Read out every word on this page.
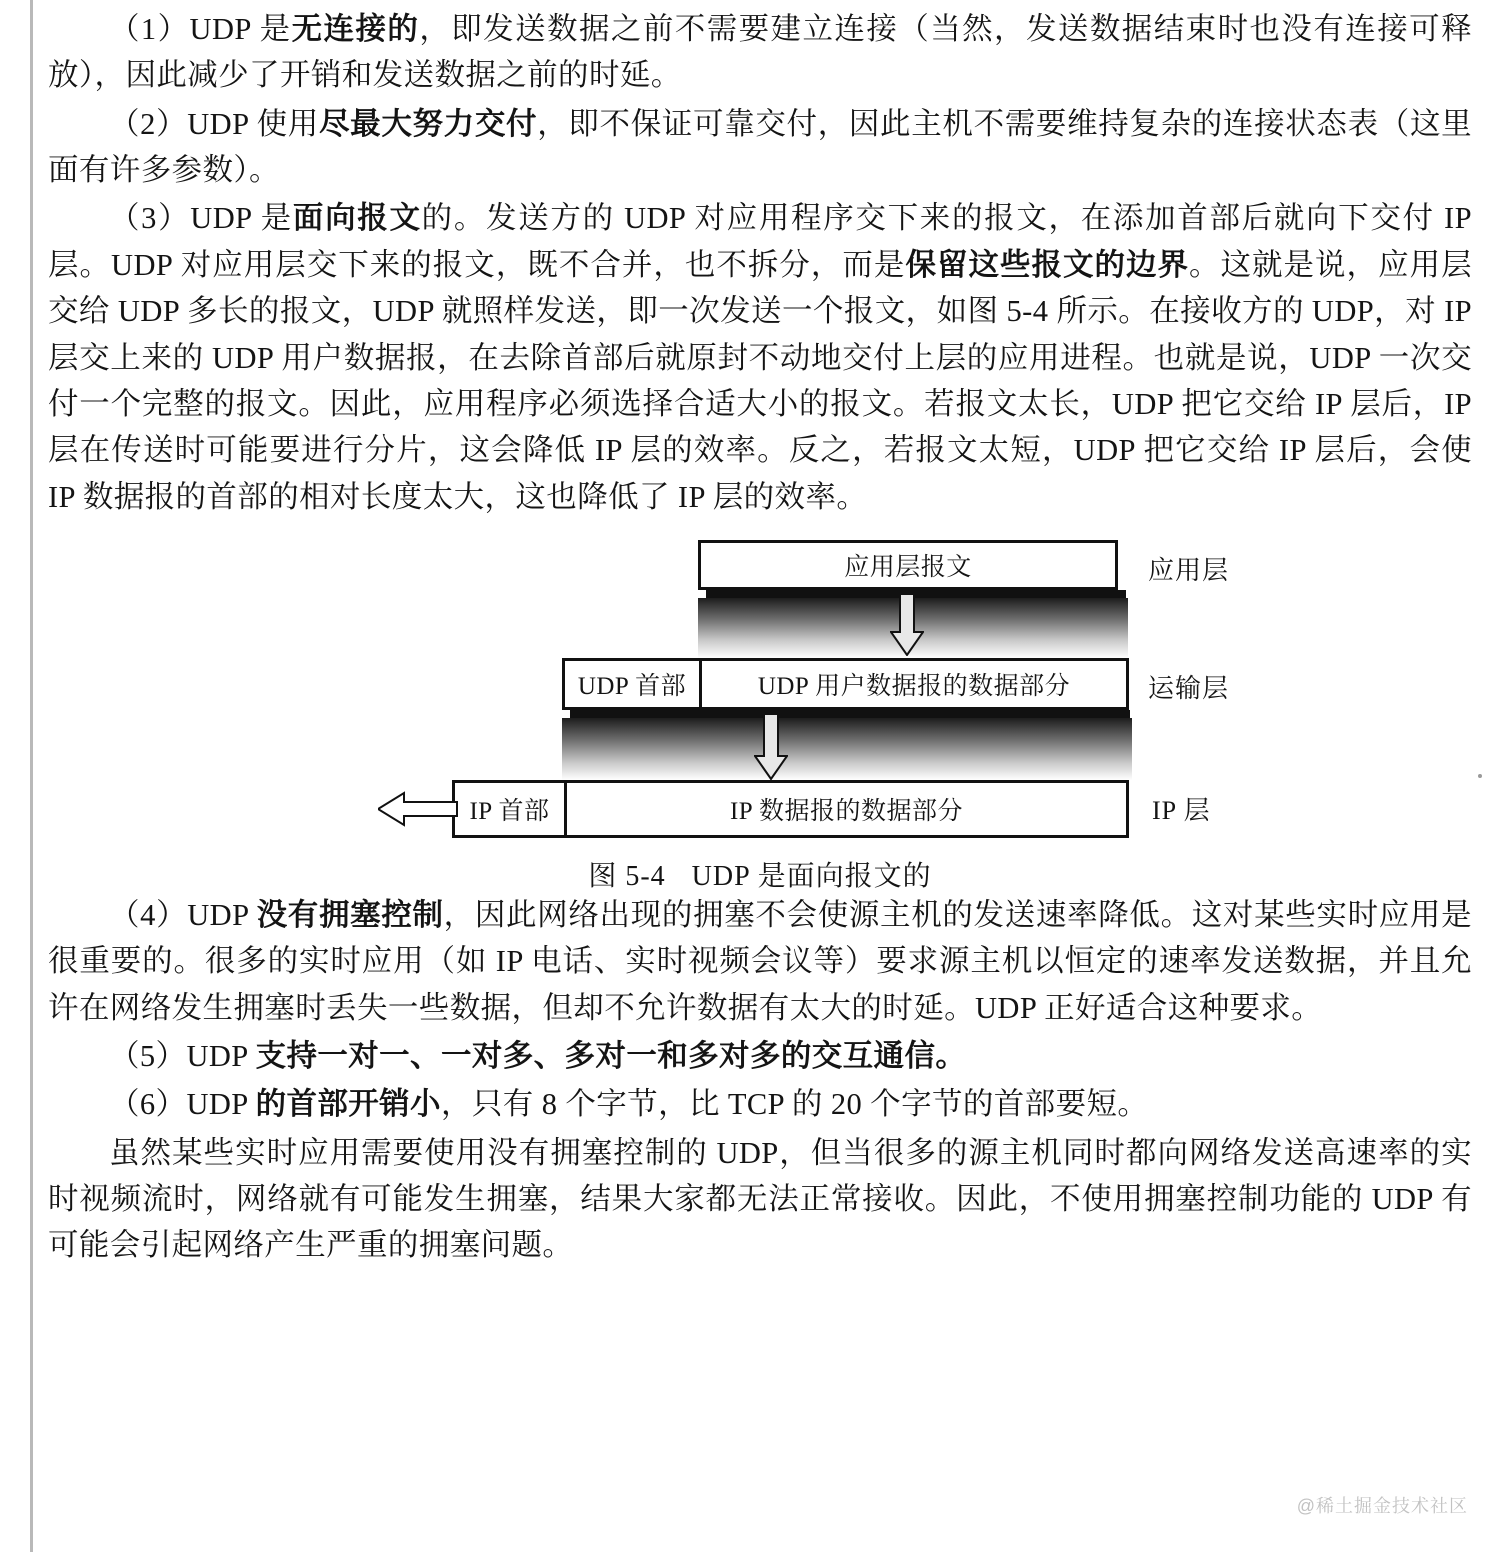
（1）UDP 是无连接的，即发送数据之前不需要建立连接（当然，发送数据结束时也没有连接可释放），因此减少了开销和发送数据之前的时延。

（2）UDP 使用尽最大努力交付，即不保证可靠交付，因此主机不需要维持复杂的连接状态表（这里面有许多参数）。

（3）UDP 是面向报文的。发送方的 UDP 对应用程序交下来的报文，在添加首部后就向下交付 IP 层。UDP 对应用层交下来的报文，既不合并，也不拆分，而是保留这些报文的边界。这就是说，应用层交给 UDP 多长的报文，UDP 就照样发送，即一次发送一个报文，如图 5-4 所示。在接收方的 UDP，对 IP 层交上来的 UDP 用户数据报，在去除首部后就原封不动地交付上层的应用进程。也就是说，UDP 一次交付一个完整的报文。因此，应用程序必须选择合适大小的报文。若报文太长，UDP 把它交给 IP 层后，IP 层在传送时可能要进行分片，这会降低 IP 层的效率。反之，若报文太短，UDP 把它交给 IP 层后，会使 IP 数据报的首部的相对长度太大，这也降低了 IP 层的效率。

应用层报文
UDP 首部	UDP 用户数据报的数据部分
IP 首部	IP 数据报的数据部分
应用层
运输层
IP 层
图 5-4 UDP 是面向报文的

（4）UDP 没有拥塞控制，因此网络出现的拥塞不会使源主机的发送速率降低。这对某些实时应用是很重要的。很多的实时应用（如 IP 电话、实时视频会议等）要求源主机以恒定的速率发送数据，并且允许在网络发生拥塞时丢失一些数据，但却不允许数据有太大的时延。UDP 正好适合这种要求。

（5）UDP 支持一对一、一对多、多对一和多对多的交互通信。

（6）UDP 的首部开销小，只有 8 个字节，比 TCP 的 20 个字节的首部要短。

虽然某些实时应用需要使用没有拥塞控制的 UDP，但当很多的源主机同时都向网络发送高速率的实时视频流时，网络就有可能发生拥塞，结果大家都无法正常接收。因此，不使用拥塞控制功能的 UDP 有可能会引起网络产生严重的拥塞问题。

@稀土掘金技术社区
